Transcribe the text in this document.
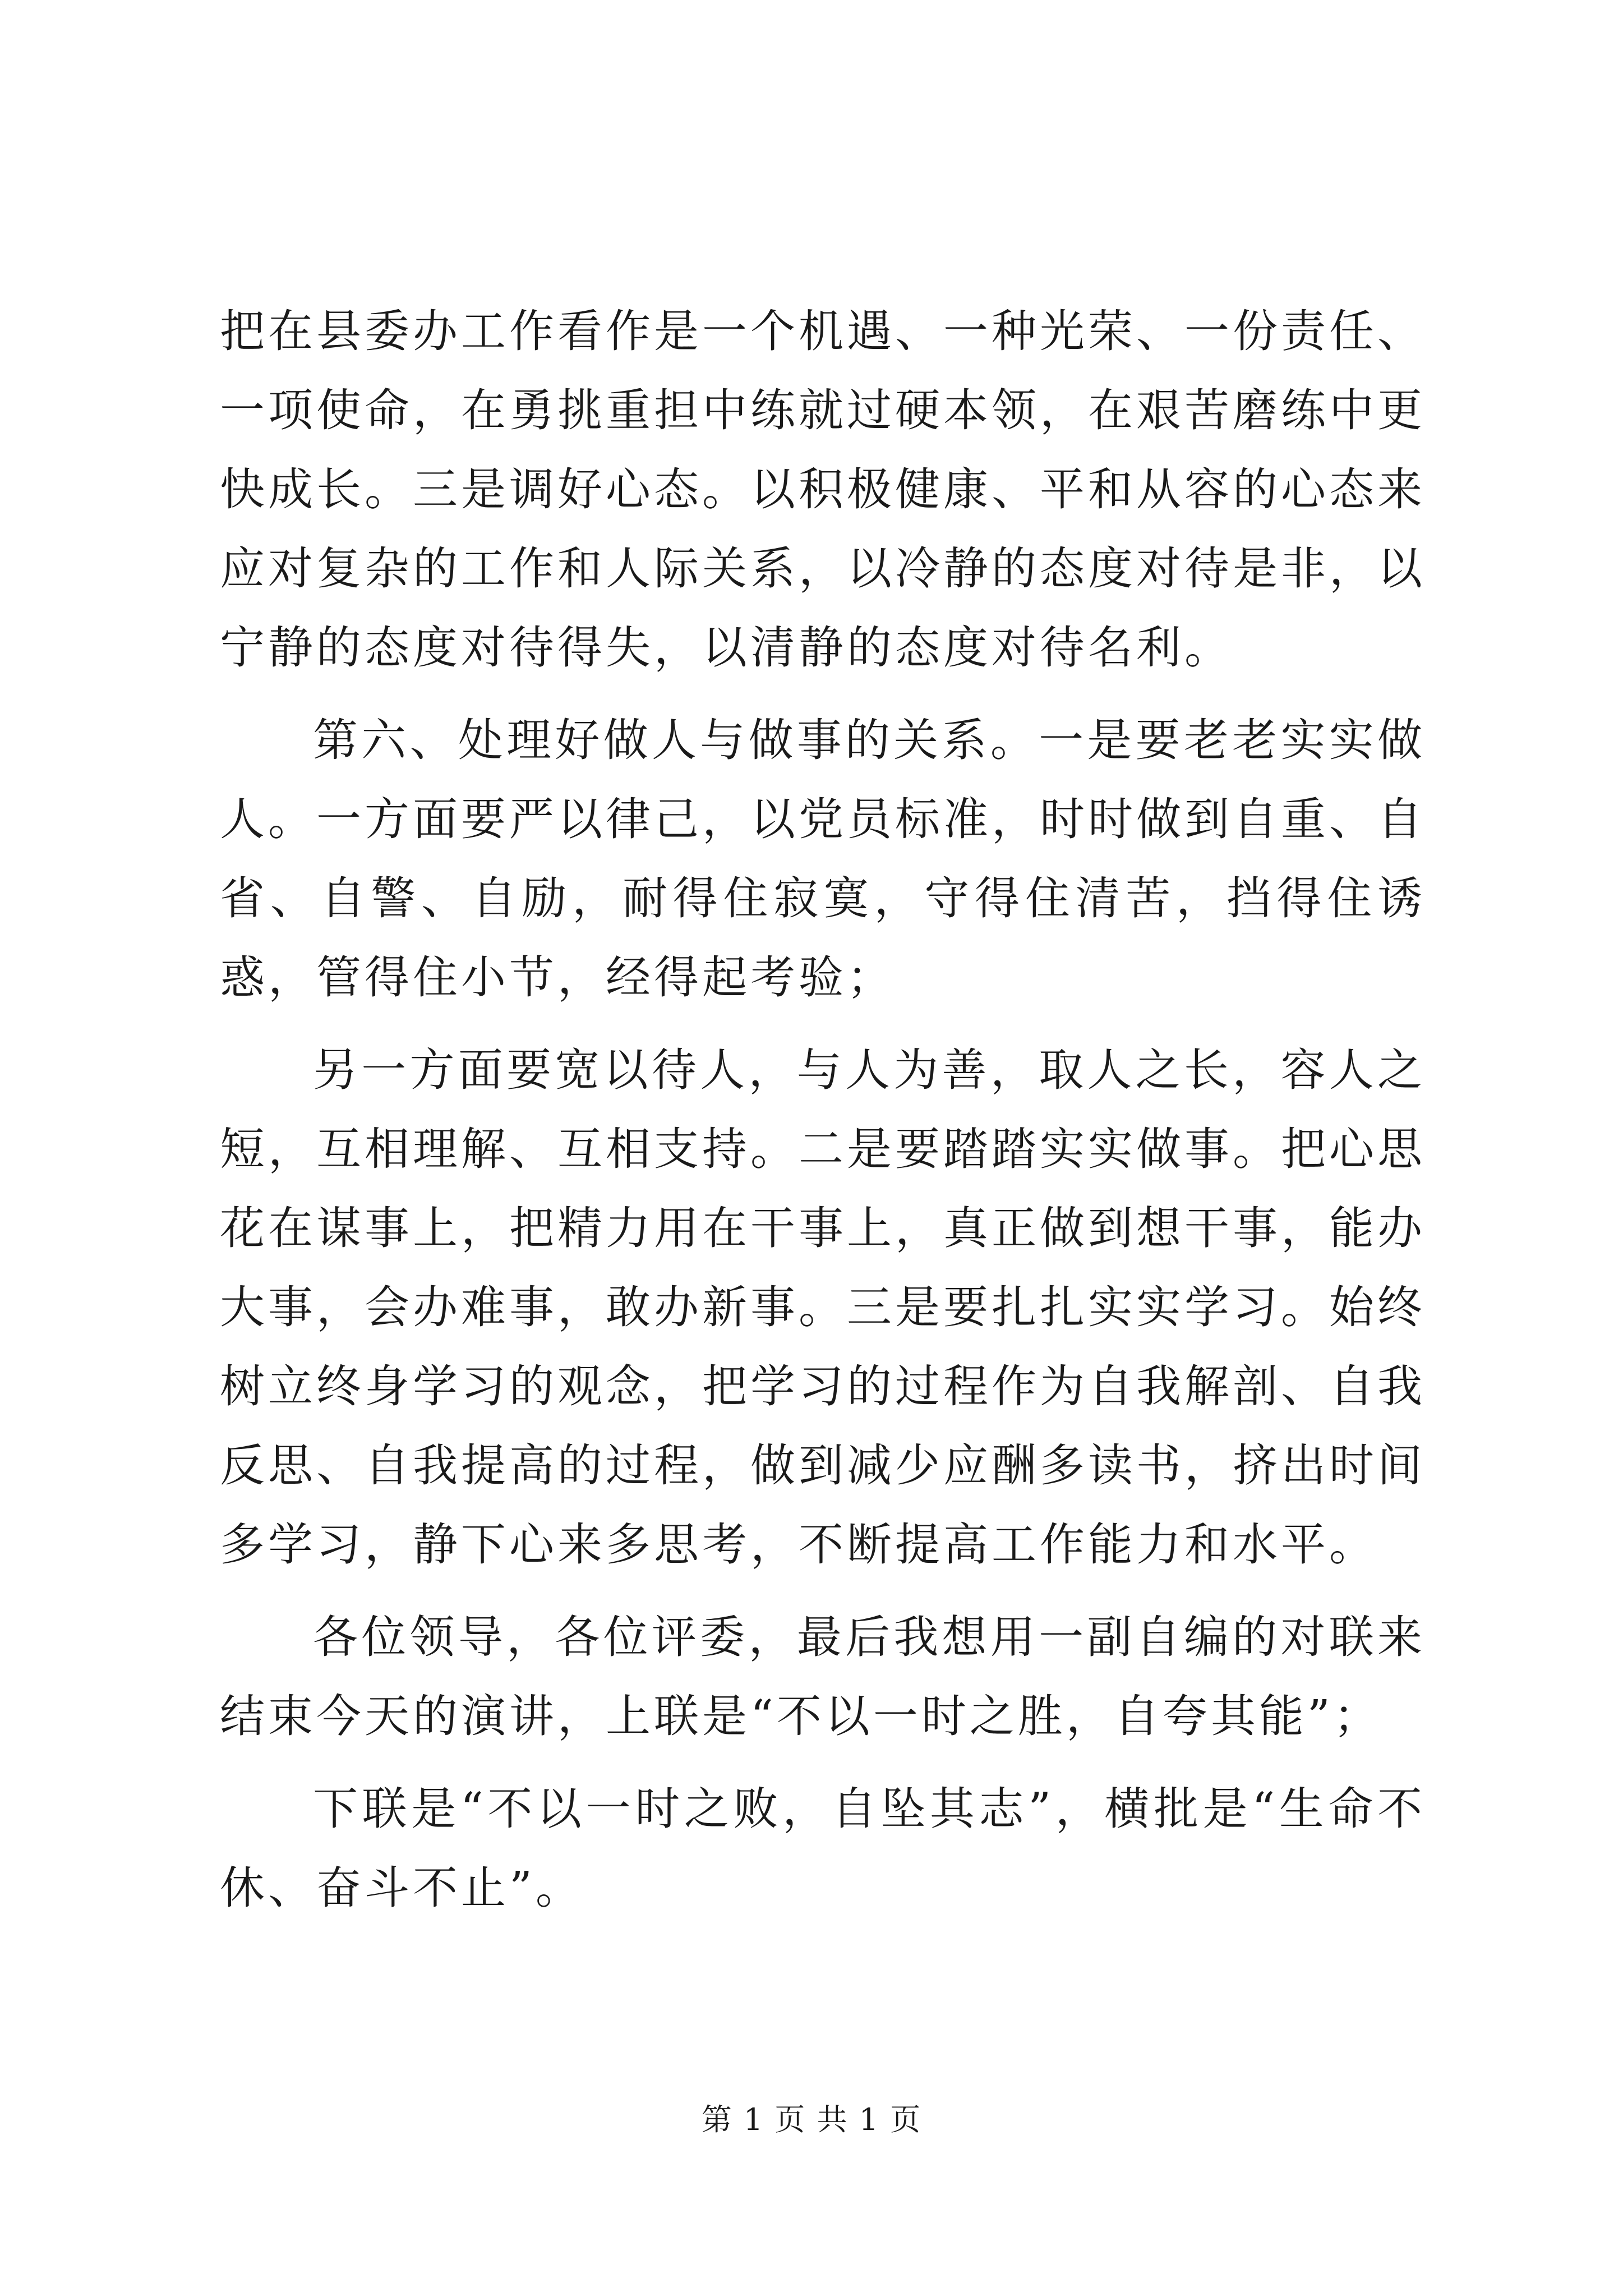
把在县委办工作看作是一个机遇、一种光荣、一份责任、一项使命，在勇挑重担中练就过硬本领，在艰苦磨练中更快成长。三是调好心态。以积极健康、平和从容的心态来应对复杂的工作和人际关系，以冷静的态度对待是非，以宁静的态度对待得失，以清静的态度对待名利。

第六、处理好做人与做事的关系。一是要老老实实做人。一方面要严以律己，以党员标准，时时做到自重、自省、自警、自励，耐得住寂寞，守得住清苦，挡得住诱惑，管得住小节，经得起考验；

另一方面要宽以待人，与人为善，取人之长，容人之短，互相理解、互相支持。二是要踏踏实实做事。把心思花在谋事上，把精力用在干事上，真正做到想干事，能办大事，会办难事，敢办新事。三是要扎扎实实学习。始终树立终身学习的观念，把学习的过程作为自我解剖、自我反思、自我提高的过程，做到减少应酬多读书，挤出时间多学习，静下心来多思考，不断提高工作能力和水平。

各位领导，各位评委，最后我想用一副自编的对联来结束今天的演讲，上联是“不以一时之胜，自夸其能”；

下联是“不以一时之败，自坠其志”，横批是“生命不休、奋斗不止”。

第 1 页 共 1 页
